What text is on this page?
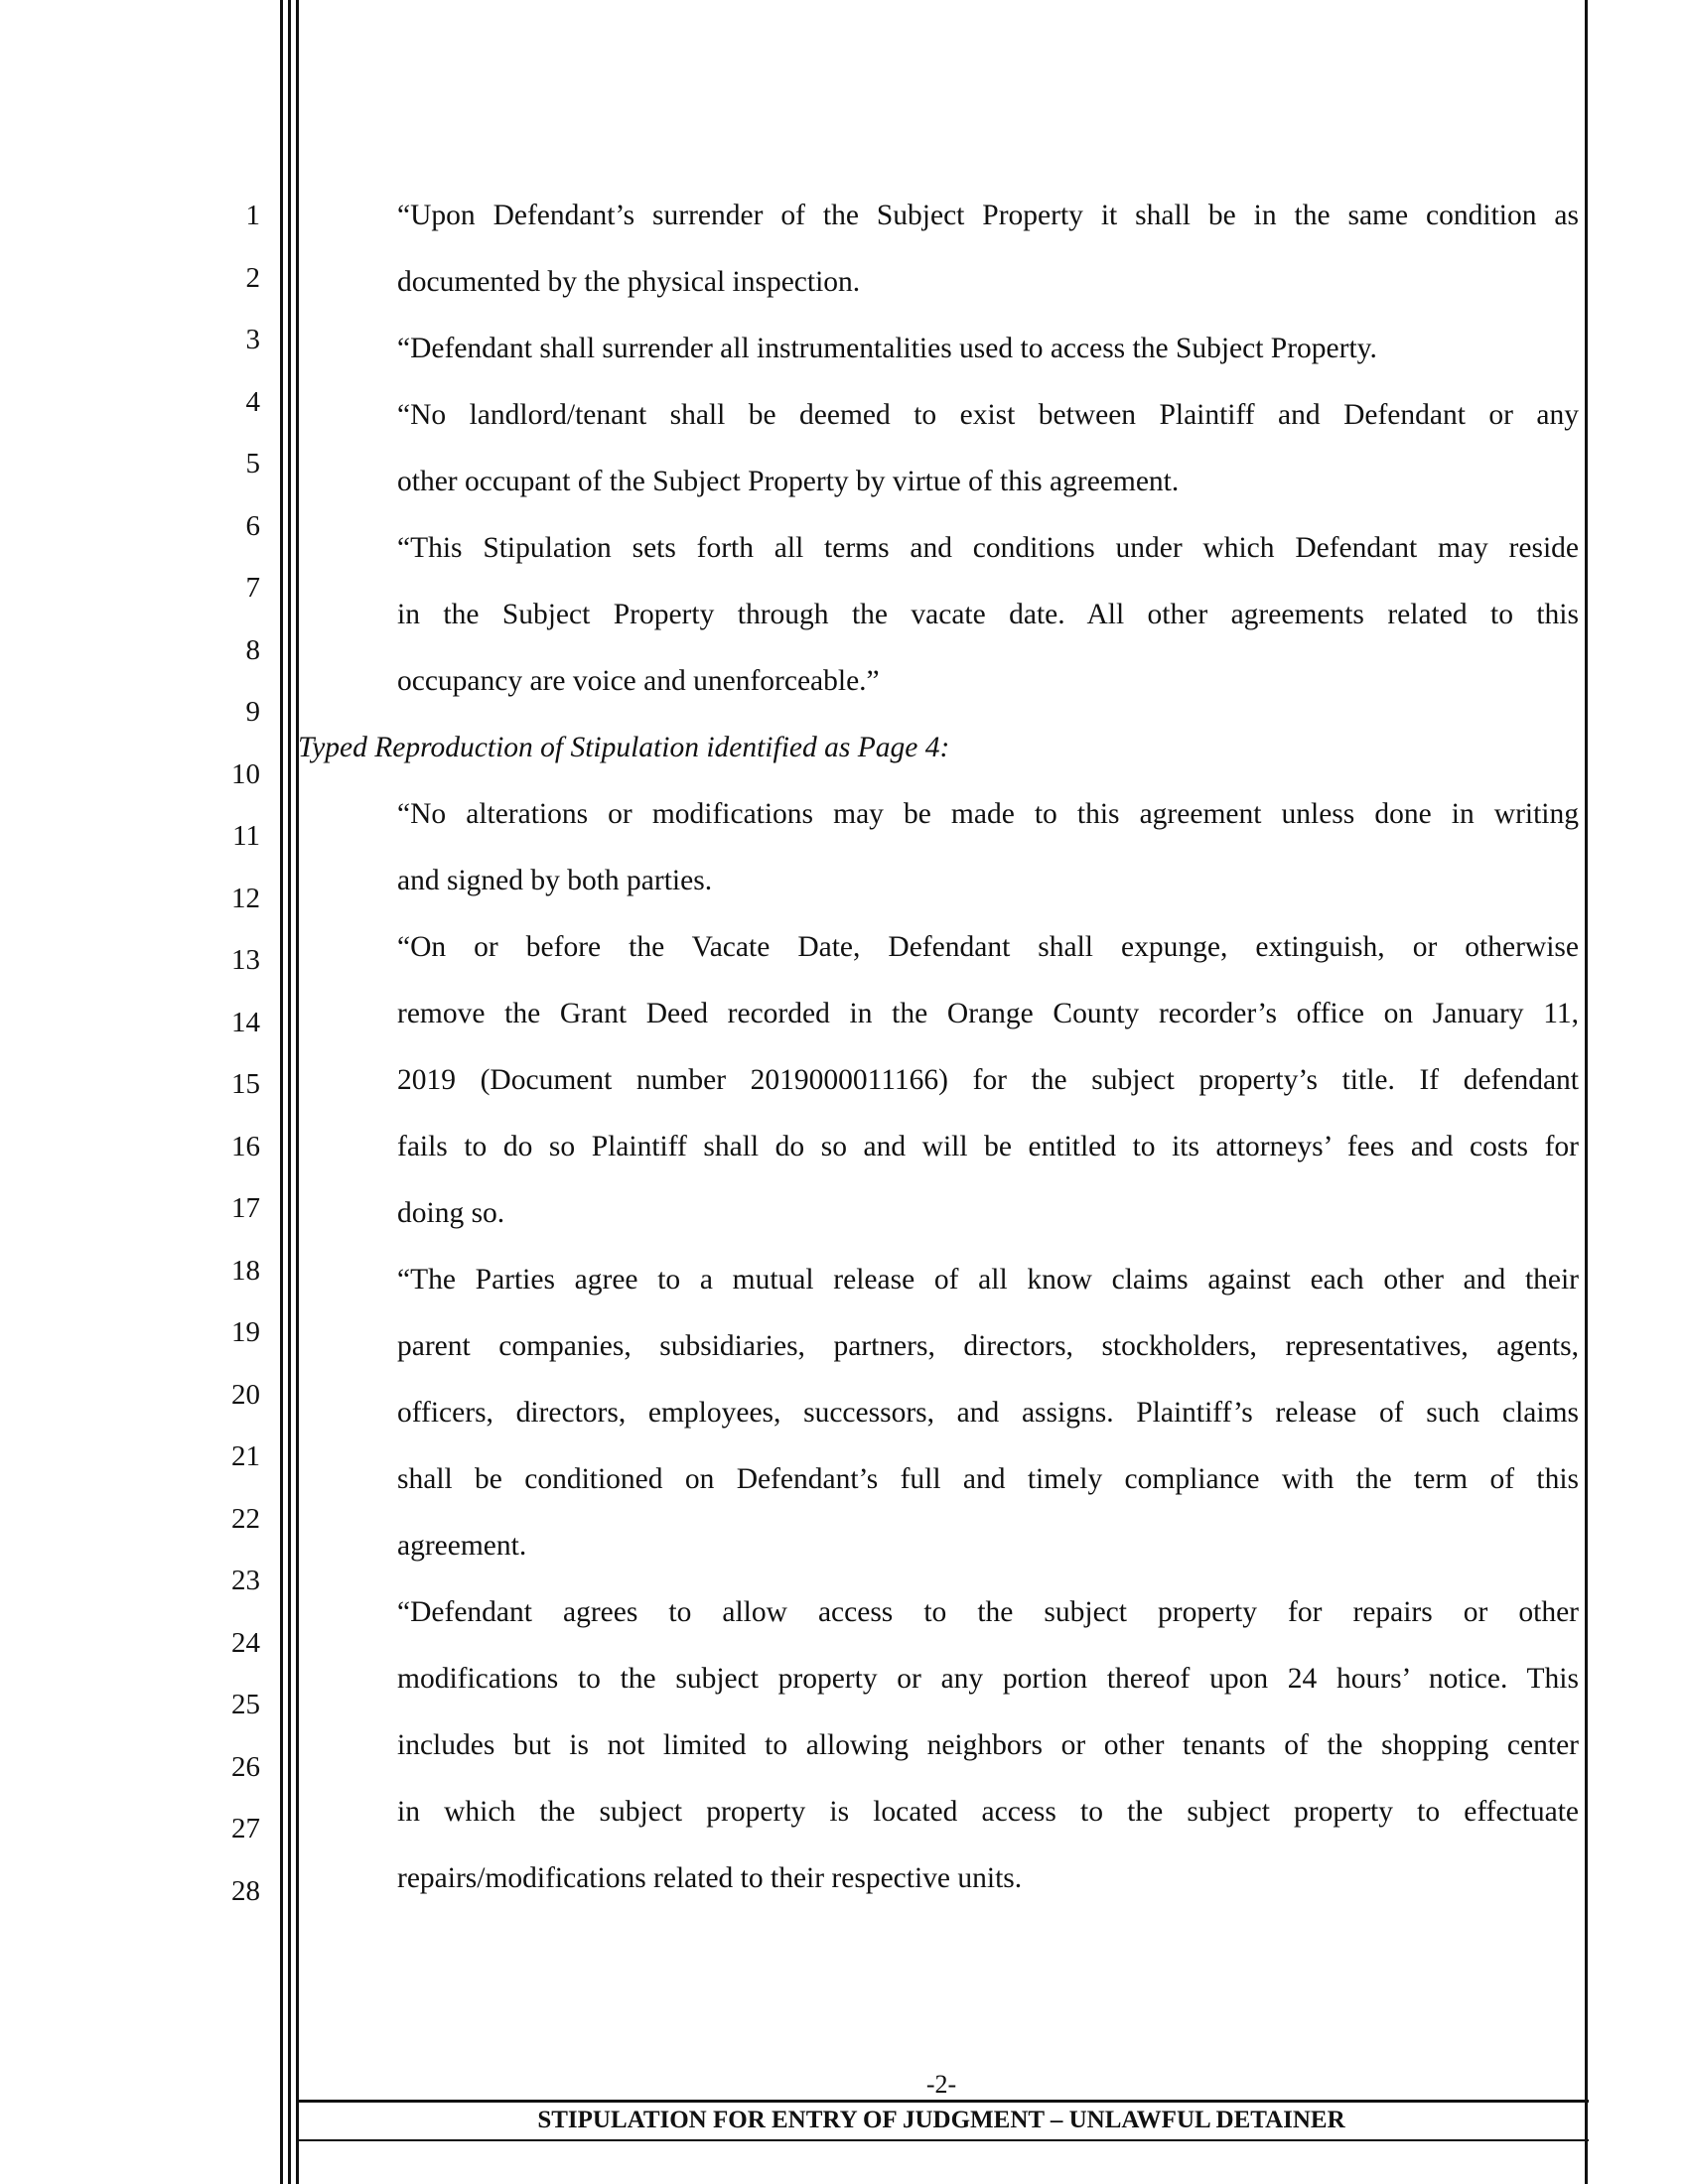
1
2
3
4
5
6
7
8
9
10
11
12
13
14
15
16
17
18
19
20
21
22
23
24
25
26
27
28
“Upon Defendant’s surrender of the Subject Property it shall be in the same condition as
documented by the physical inspection.
“Defendant shall surrender all instrumentalities used to access the Subject Property.
“No landlord/tenant shall be deemed to exist between Plaintiff and Defendant or any
other occupant of the Subject Property by virtue of this agreement.
“This Stipulation sets forth all terms and conditions under which Defendant may reside
in the Subject Property through the vacate date. All other agreements related to this
occupancy are voice and unenforceable.”
Typed Reproduction of Stipulation identified as Page 4:
“No alterations or modifications may be made to this agreement unless done in writing
and signed by both parties.
“On or before the Vacate Date, Defendant shall expunge, extinguish, or otherwise
remove the Grant Deed recorded in the Orange County recorder’s office on January 11,
2019 (Document number 2019000011166) for the subject property’s title. If defendant
fails to do so Plaintiff shall do so and will be entitled to its attorneys’ fees and costs for
doing so.
“The Parties agree to a mutual release of all know claims against each other and their
parent companies, subsidiaries, partners, directors, stockholders, representatives, agents,
officers, directors, employees, successors, and assigns. Plaintiff’s release of such claims
shall be conditioned on Defendant’s full and timely compliance with the term of this
agreement.
“Defendant agrees to allow access to the subject property for repairs or other
modifications to the subject property or any portion thereof upon 24 hours’ notice. This
includes but is not limited to allowing neighbors or other tenants of the shopping center
in which the subject property is located access to the subject property to effectuate
repairs/modifications related to their respective units.
-2-
STIPULATION FOR ENTRY OF JUDGMENT – UNLAWFUL DETAINER
